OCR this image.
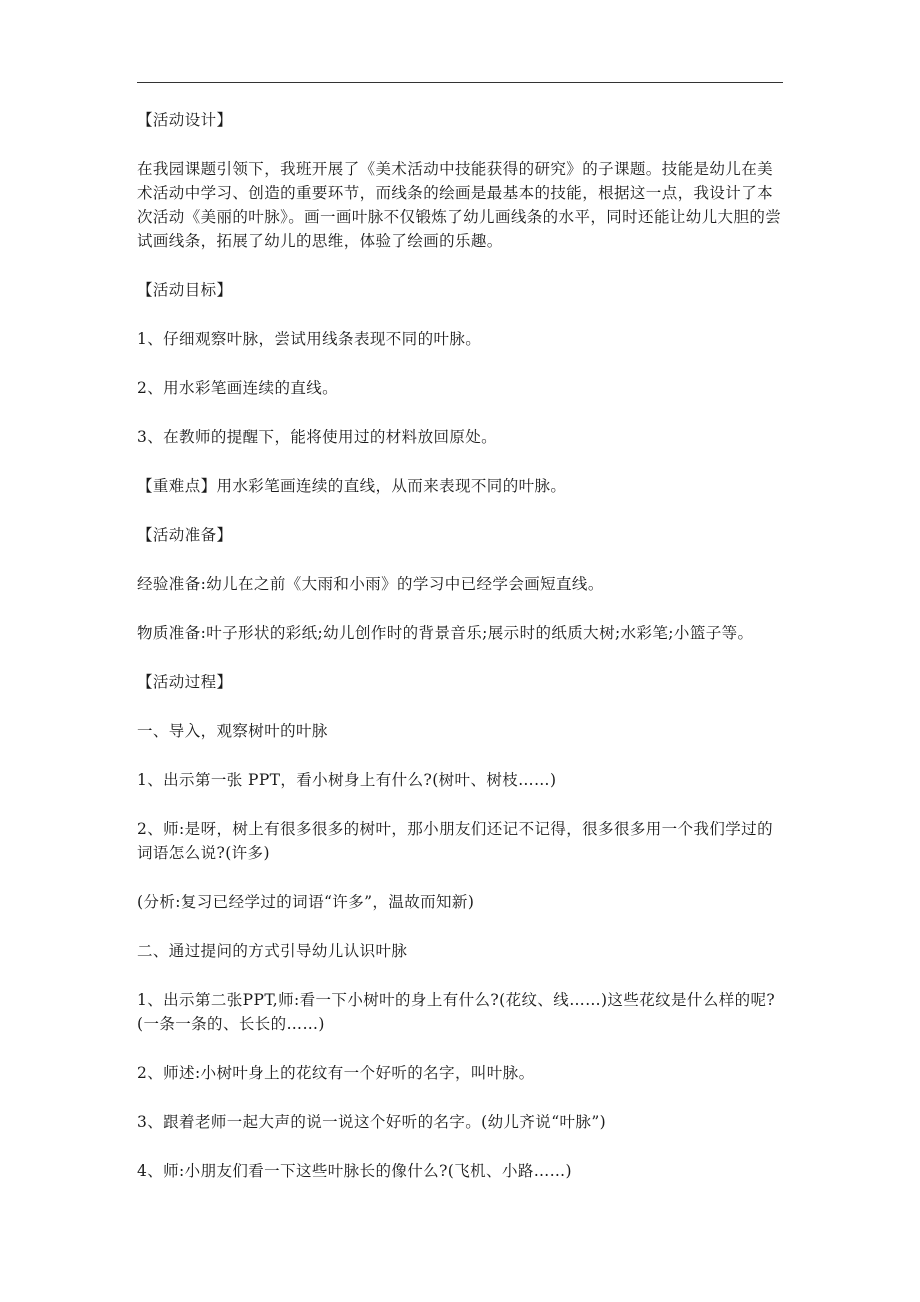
【活动设计】

在我园课题引领下，我班开展了《美术活动中技能获得的研究》的子课题。技能是幼儿在美术活动中学习、创造的重要环节，而线条的绘画是最基本的技能，根据这一点，我设计了本次活动《美丽的叶脉》。画一画叶脉不仅锻炼了幼儿画线条的水平，同时还能让幼儿大胆的尝试画线条，拓展了幼儿的思维，体验了绘画的乐趣。

【活动目标】

1、仔细观察叶脉，尝试用线条表现不同的叶脉。

2、用水彩笔画连续的直线。

3、在教师的提醒下，能将使用过的材料放回原处。

【重难点】用水彩笔画连续的直线，从而来表现不同的叶脉。

【活动准备】

经验准备:幼儿在之前《大雨和小雨》的学习中已经学会画短直线。

物质准备:叶子形状的彩纸;幼儿创作时的背景音乐;展示时的纸质大树;水彩笔;小篮子等。

【活动过程】

一、导入，观察树叶的叶脉

1、出示第一张 PPT，看小树身上有什么?(树叶、树枝……)

2、师:是呀，树上有很多很多的树叶，那小朋友们还记不记得，很多很多用一个我们学过的词语怎么说?(许多)

(分析:复习已经学过的词语“许多”，温故而知新)

二、通过提问的方式引导幼儿认识叶脉

1、出示第二张PPT,师:看一下小树叶的身上有什么?(花纹、线……)这些花纹是什么样的呢?(一条一条的、长长的……)

2、师述:小树叶身上的花纹有一个好听的名字，叫叶脉。

3、跟着老师一起大声的说一说这个好听的名字。(幼儿齐说“叶脉”)

4、师:小朋友们看一下这些叶脉长的像什么?(飞机、小路……)
